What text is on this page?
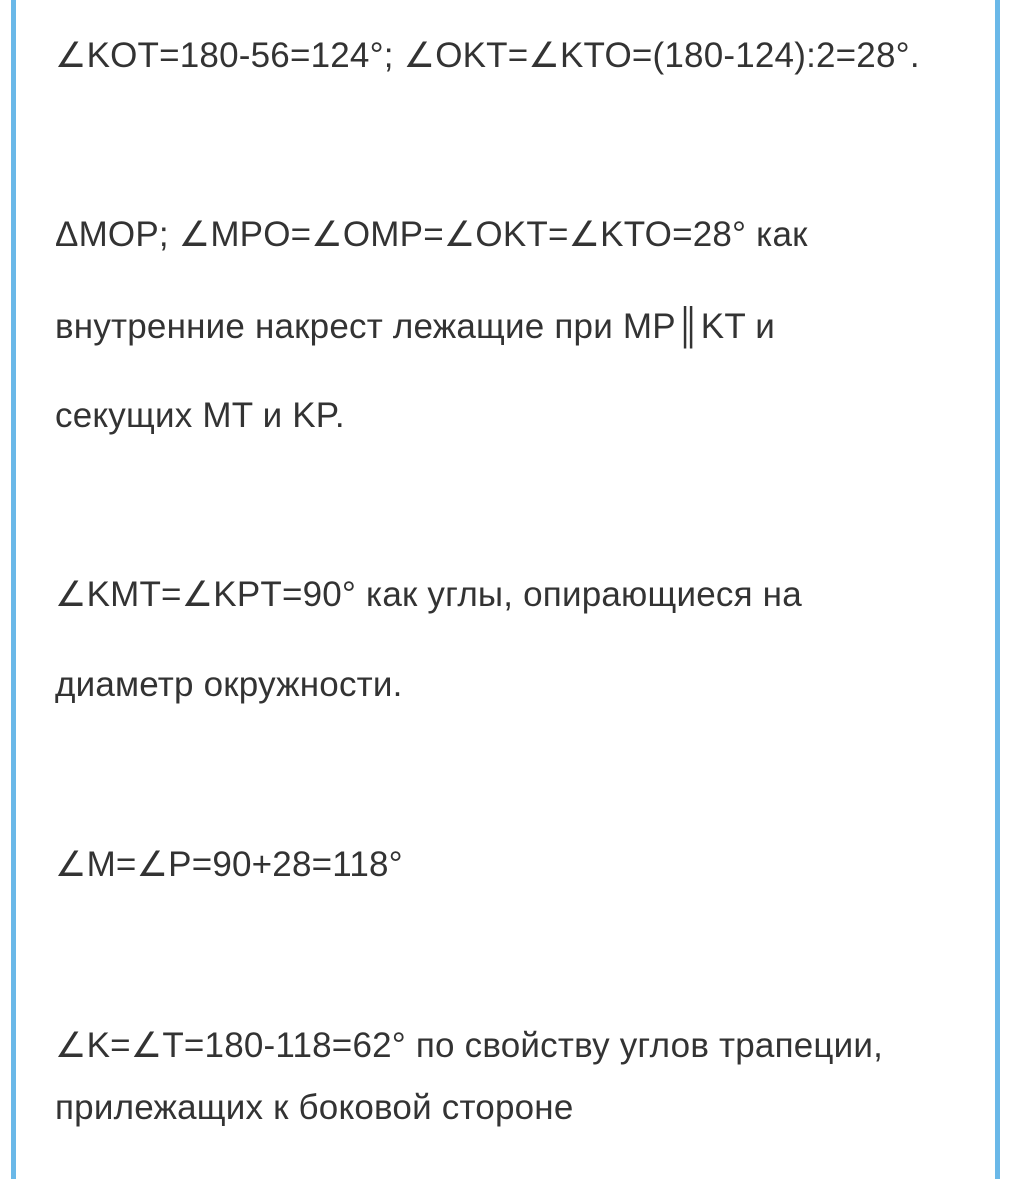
∠KOT=180-56=124°; ∠OKT=∠KTO=(180-124):2=28°.
ΔMOP; ∠MPO=∠OMP=∠OKT=∠KTO=28° как
внутренние накрест лежащие при MP║KT и
секущих MT и KP.
∠KMT=∠KPT=90° как углы, опирающиеся на
диаметр окружности.
∠M=∠P=90+28=118°
∠K=∠T=180-118=62° по свойству углов трапеции,
прилежащих к боковой стороне
